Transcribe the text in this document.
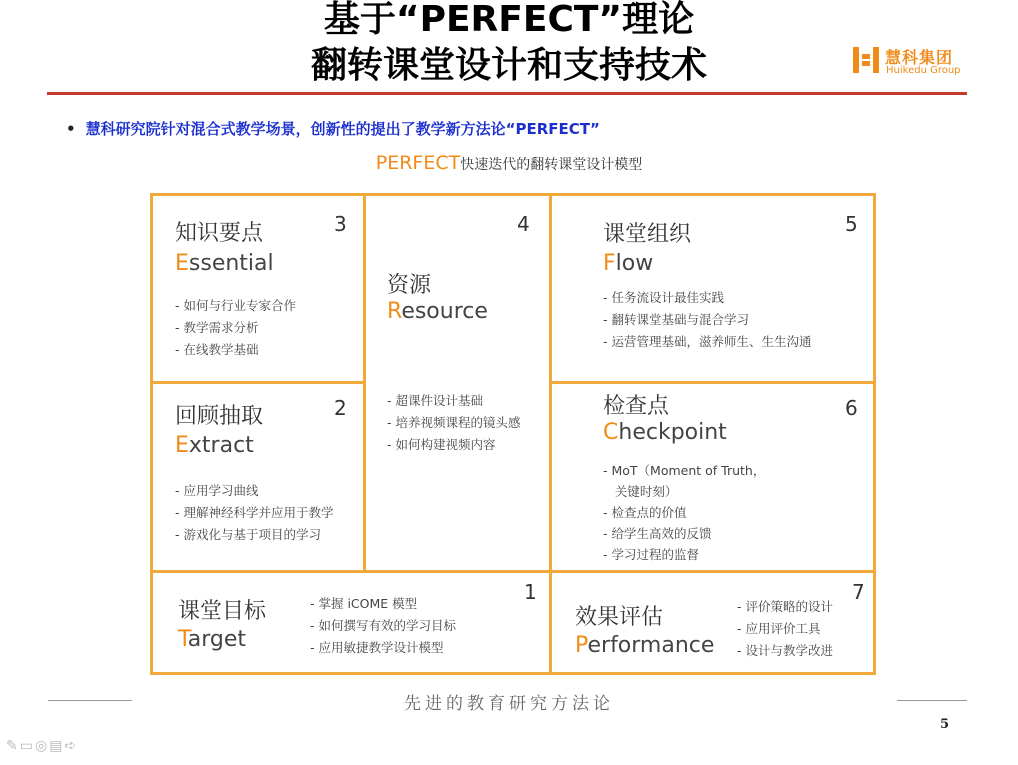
基于“PERFECT”理论
翻转课堂设计和支持技术	慧科集团
Huikedu Group
• 慧科研究院针对混合式教学场景，创新性的提出了教学新方法论“PERFECT”
PERFECT快速迭代的翻转课堂设计模型
知识要点
Essential
3
- 如何与行业专家合作
- 教学需求分析
- 在线教学基础
资源
Resource
4
- 超课件设计基础
- 培养视频课程的镜头感
- 如何构建视频内容
课堂组织
Flow
5
- 任务流设计最佳实践
- 翻转课堂基础与混合学习
- 运营管理基础，滋养师生、生生沟通
回顾抽取
Extract
2
- 应用学习曲线
- 理解神经科学并应用于教学
- 游戏化与基于项目的学习
检查点
Checkpoint
6
- MoT（Moment of Truth，
关键时刻）
- 检查点的价值
- 给学生高效的反馈
- 学习过程的监督
课堂目标
Target
1
- 掌握 iCOME 模型
- 如何撰写有效的学习目标
- 应用敏捷教学设计模型
效果评估
Performance
7
- 评价策略的设计
- 应用评价工具
- 设计与教学改进
先进的教育研究方法论
5
✎▭◎▤➪
